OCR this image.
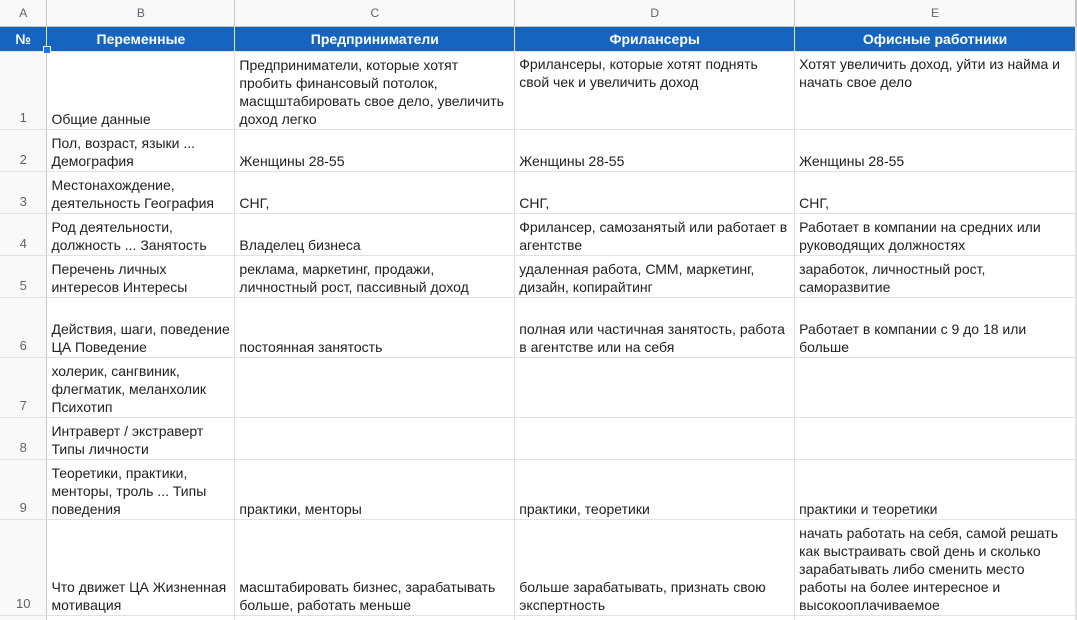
A	B	C	D	E	
№	Переменные	Предприниматели	Фрилансеры	Офисные работники	
1	Общие данные	Предприниматели, которые хотят пробить финансовый потолок, масщштабировать свое дело, увеличить доход легко	Фрилансеры, которые хотят поднять свой чек и увеличить доход	Хотят увеличить доход, уйти из найма и начать свое дело	

2	Пол, возраст, языки ... Демография	Женщины 28-55	Женщины 28-55	Женщины 28-55	

3	Местонахождение, деятельность География	СНГ,	СНГ,	СНГ,	

4	Род деятельности, должность ... Занятость	Владелец бизнеса	Фрилансер, самозанятый или работает в агентстве	Работает в компании на средних или руководящих должностях	

5	Перечень личных интересов Интересы	реклама, маркетинг, продажи, личностный рост, пассивный доход	удаленная работа, СММ, маркетинг, дизайн, копирайтинг	заработок, личностный рост, саморазвитие	

6	Действия, шаги, поведение ЦА Поведение	постоянная занятость	полная или частичная занятость, работа в агентстве или на себя	Работает в компании с 9 до 18 или больше	

7	холерик, сангвиник, флегматик, меланхолик Психотип				

8	Интраверт / экстраверт Типы личности				

9	Теоретики, практики, менторы, троль ... Типы поведения	практики, менторы	практики, теоретики	практики и теоретики	

10	Что движет ЦА Жизненная мотивация	масштабировать бизнес, зарабатывать больше, работать меньше	больше зарабатывать, признать свою экспертность	начать работать на себя, самой решать как выстраивать свой день и сколько зарабатывать либо сменить место работы на более интересное и высокооплачиваемое	
